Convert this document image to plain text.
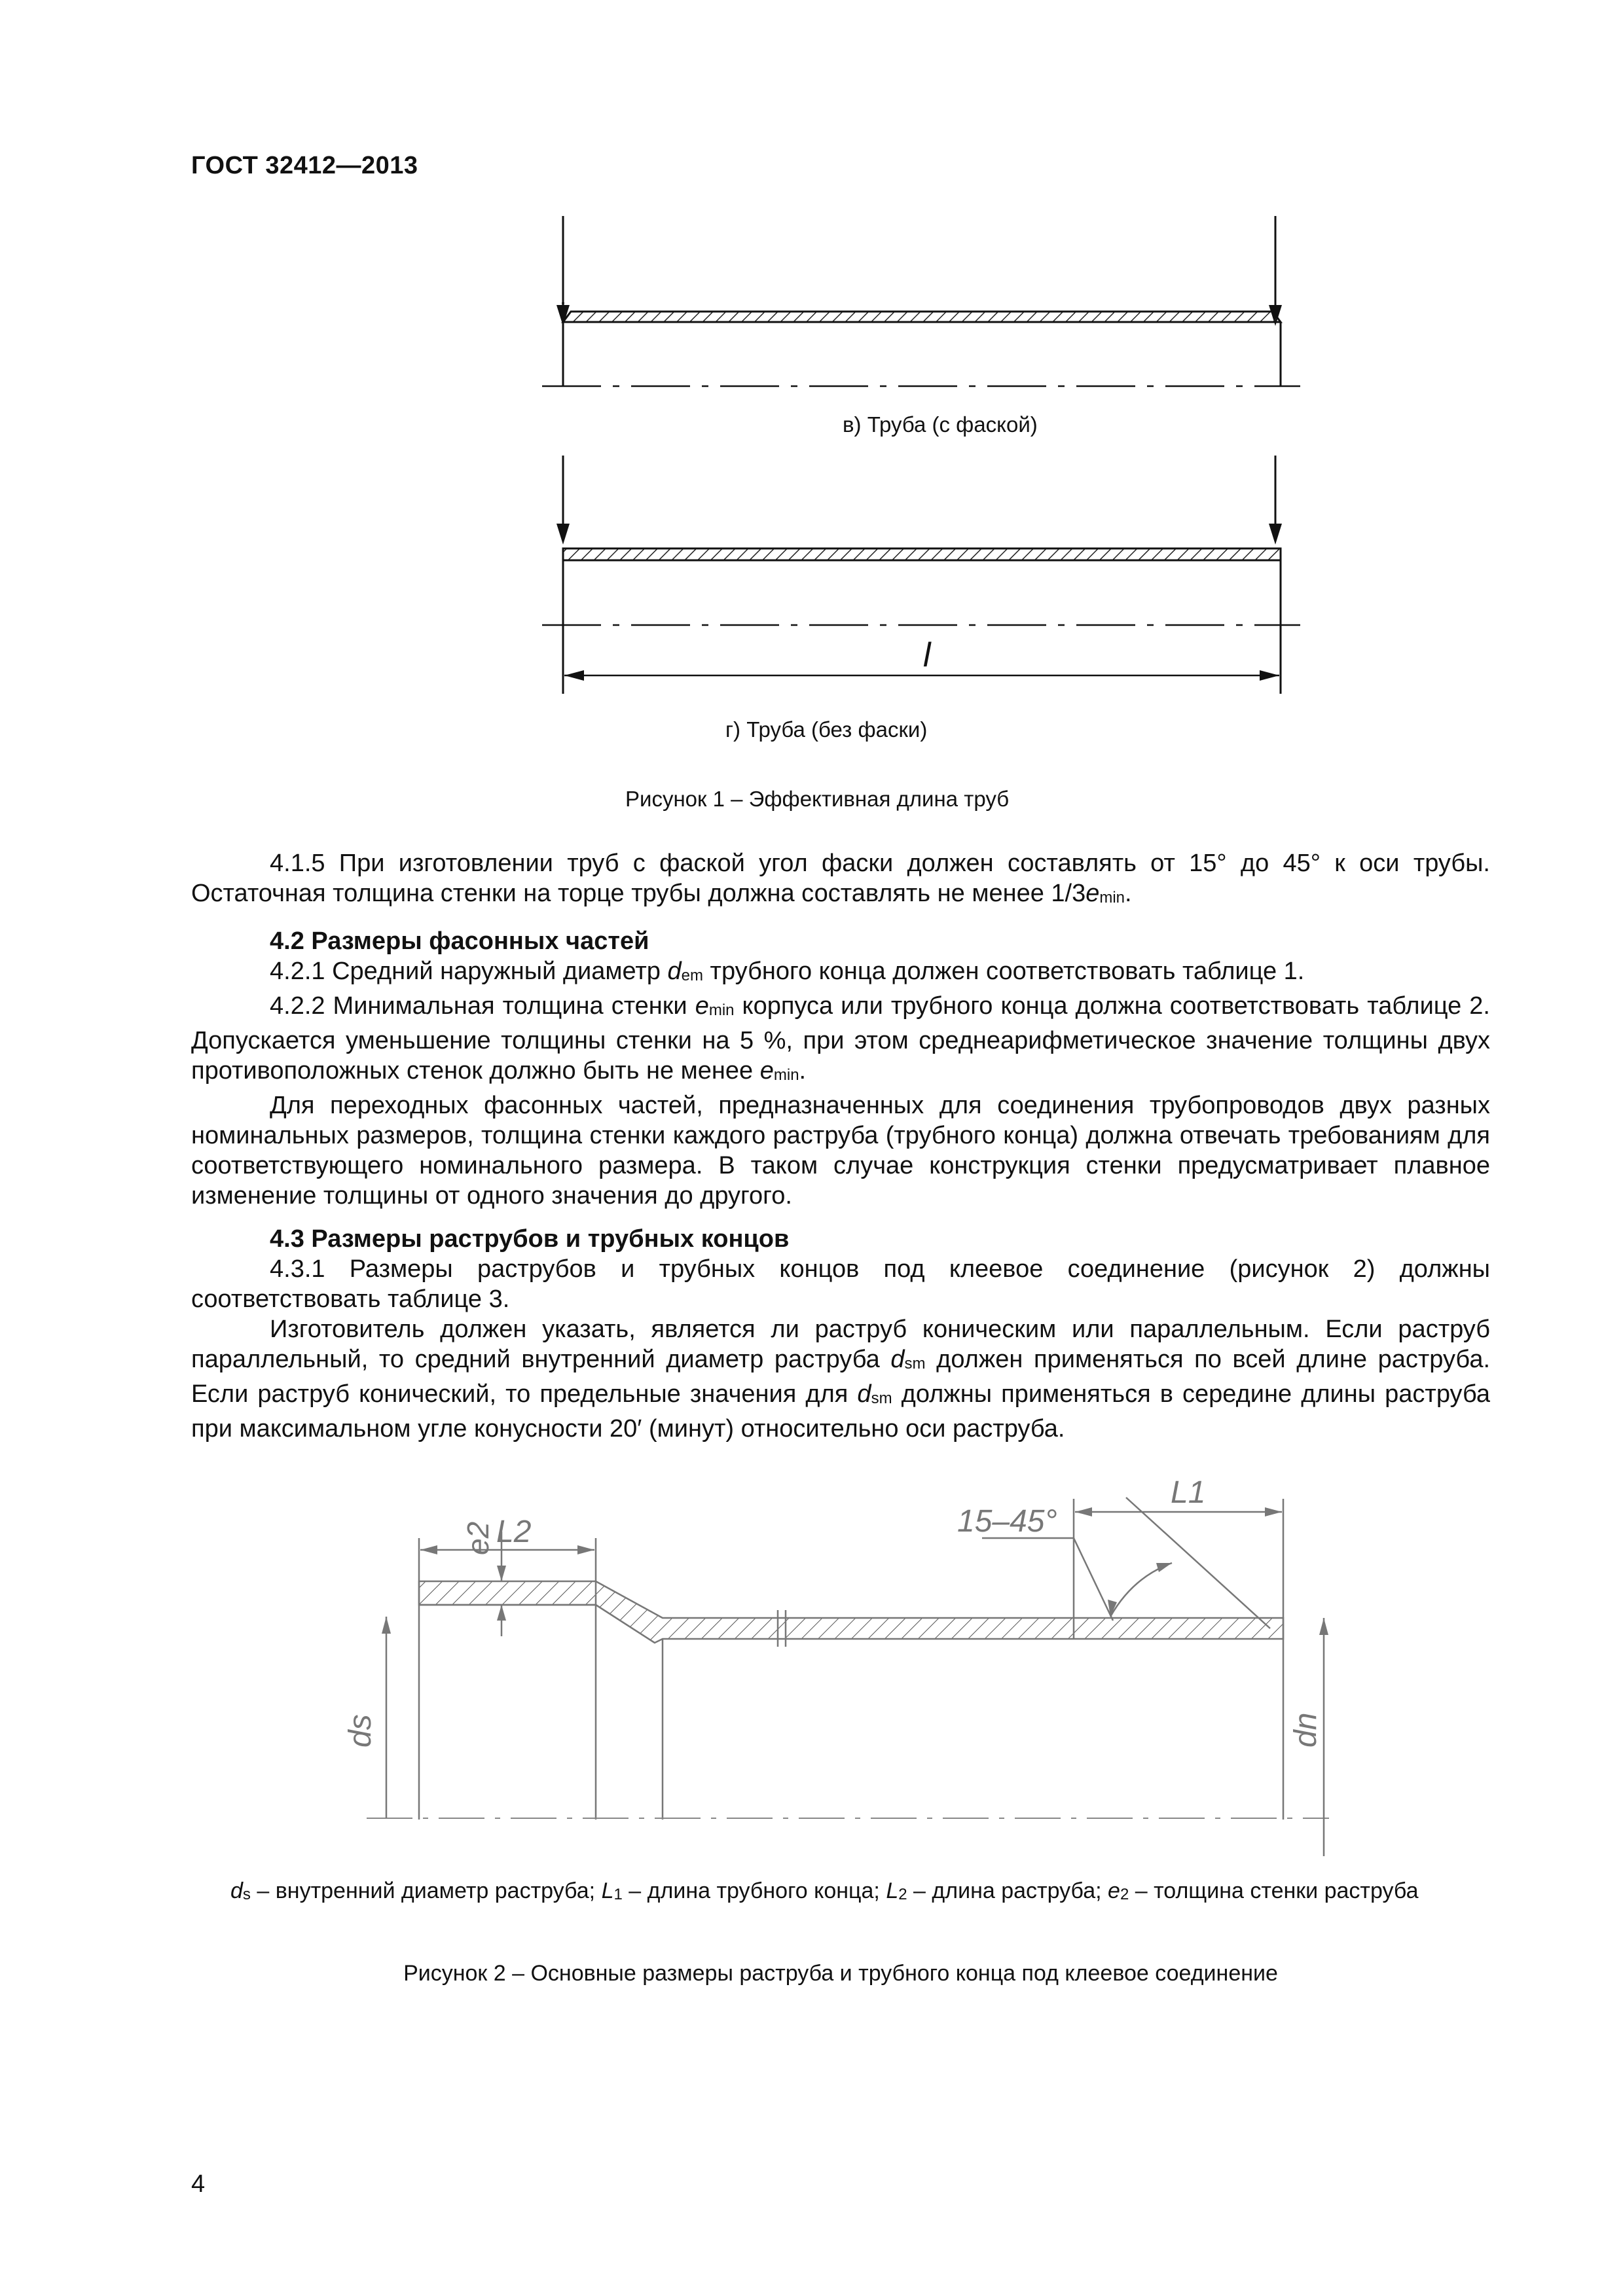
ГОСТ 32412—2013
в) Труба (с фаской)
l
г) Труба (без фаски)
Рисунок 1 – Эффективная длина труб

4.1.5 При изготовлении труб с фаской угол фаски должен составлять от 15° до 45° к оси трубы. Остаточная толщина стенки на торце трубы должна составлять не менее $1/3e_{min}$.

4.2 Размеры фасонных частей

4.2.1 Средний наружный диаметр $d_{em}$ трубного конца должен соответствовать таблице 1.

4.2.2 Минимальная толщина стенки $e_{min}$ корпуса или трубного конца должна соответствовать таблице 2. Допускается уменьшение толщины стенки на 5 %, при этом среднеарифметическое значение толщины двух противоположных стенок должно быть не менее $e_{min}$.

Для переходных фасонных частей, предназначенных для соединения трубопроводов двух разных номинальных размеров, толщина стенки каждого раструба (трубного конца) должна отвечать требованиям для соответствующего номинального размера. В таком случае конструкция стенки предусматривает плавное изменение толщины от одного значения до другого.

4.3 Размеры раструбов и трубных концов

4.3.1 Размеры раструбов и трубных концов под клеевое соединение (рисунок 2) должны соответствовать таблице 3.

Изготовитель должен указать, является ли раструб коническим или параллельным. Если раструб параллельный, то средний внутренний диаметр раструба $d_{sm}$ должен применяться по всей длине раструба. Если раструб конический, то предельные значения для $d_{sm}$ должны применяться в середине длины раструба при максимальном угле конусности 20′ (минут) относительно оси раструба.

L2
L1
15–45°
e2
ds	dn
$d_s$ – внутренний диаметр раструба; $L_1$ – длина трубного конца; $L_2$ – длина раструба; $e_2$ – толщина стенки раструба
Рисунок 2 – Основные размеры раструба и трубного конца под клеевое соединение
4
